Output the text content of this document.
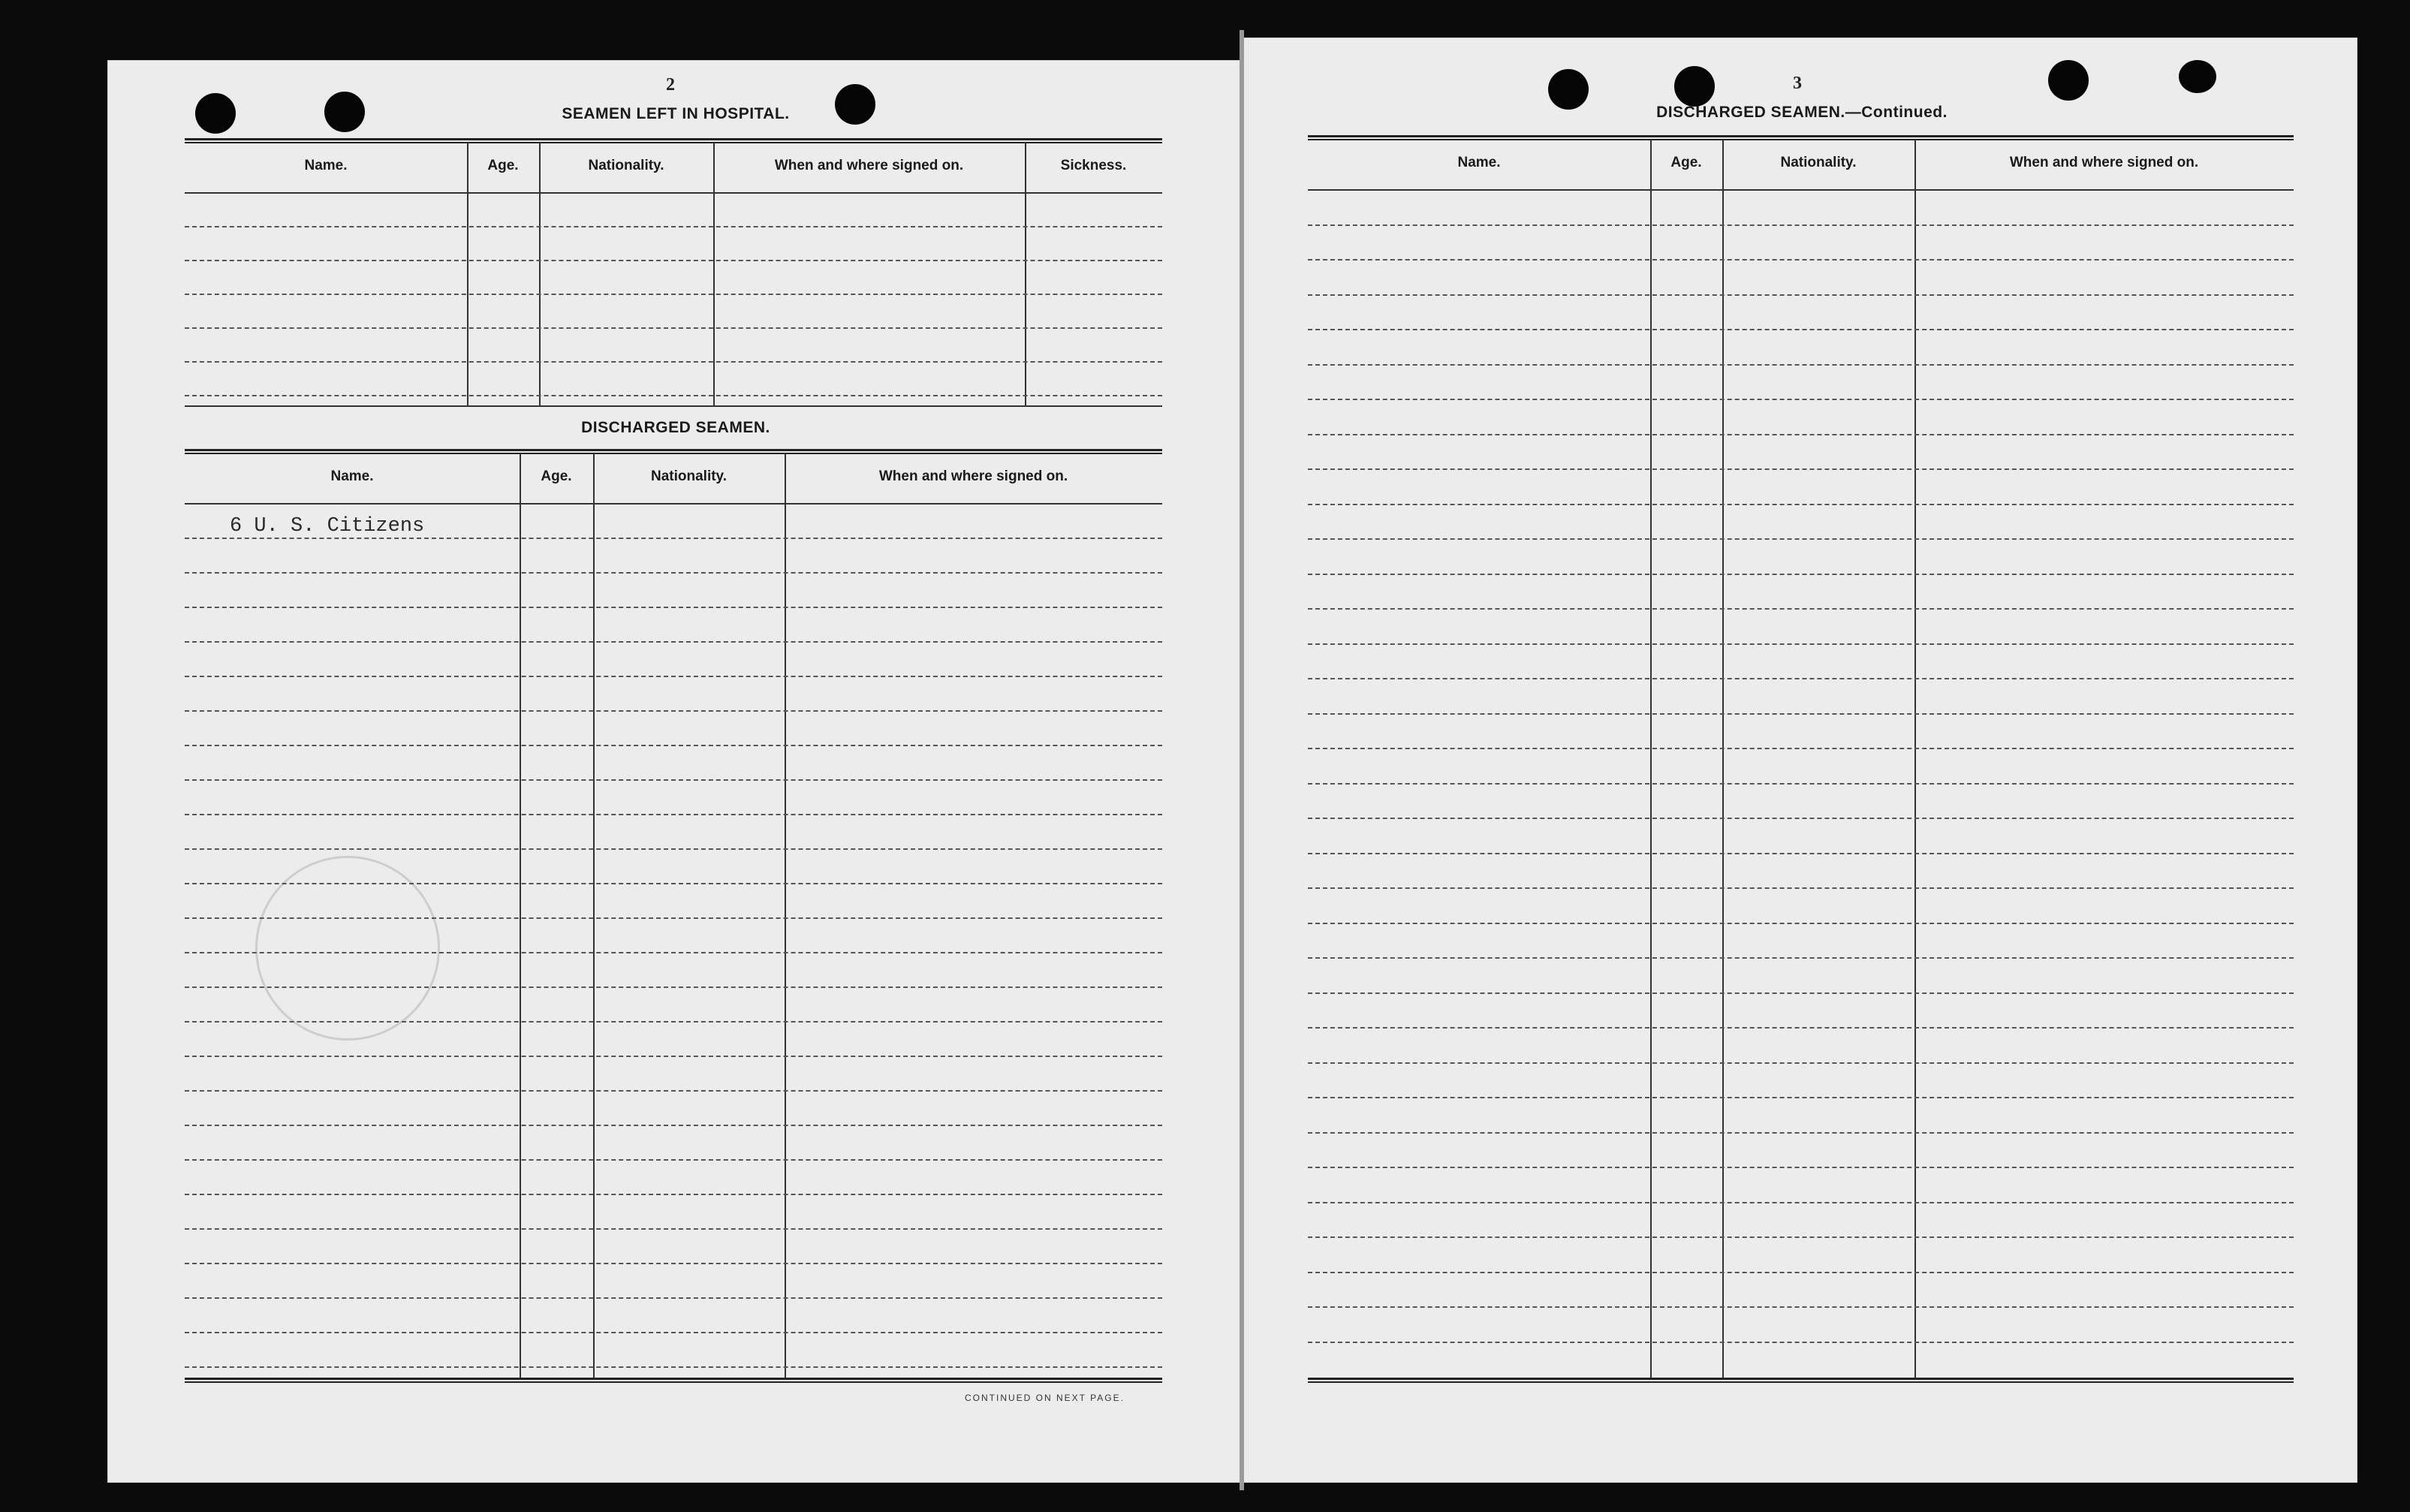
2
SEAMEN LEFT IN HOSPITAL.
Name.	Age.	Nationality.	When and where signed on.	Sickness.
DISCHARGED SEAMEN.
Name.	Age.	Nationality.	When and where signed on.
6 U. S. Citizens
CONTINUED ON NEXT PAGE.
3
DISCHARGED SEAMEN.—Continued.
Name.	Age.	Nationality.	When and where signed on.
